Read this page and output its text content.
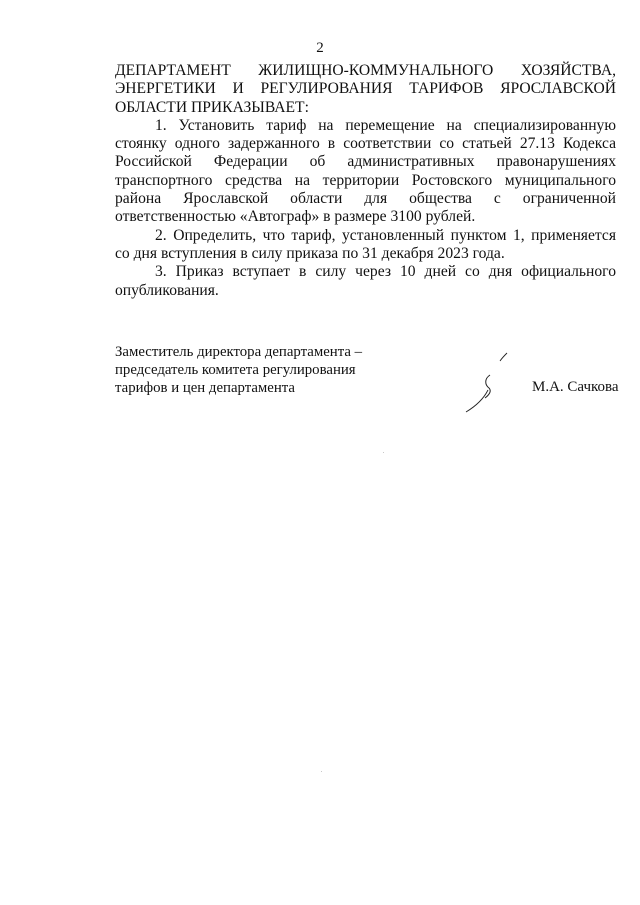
2

ДЕПАРТАМЕНТ ЖИЛИЩНО-КОММУНАЛЬНОГО ХОЗЯЙСТВА, ЭНЕРГЕТИКИ И РЕГУЛИРОВАНИЯ ТАРИФОВ ЯРОСЛАВСКОЙ ОБЛАСТИ ПРИКАЗЫВАЕТ:

1. Установить тариф на перемещение на специализированную стоянку одного задержанного в соответствии со статьей 27.13 Кодекса Российской Федерации об административных правонарушениях транспортного средства на территории Ростовского муниципального района Ярославской области для общества с ограниченной ответственностью «Автограф» в размере 3100 рублей.

2. Определить, что тариф, установленный пунктом 1, применяется со дня вступления в силу приказа по 31 декабря 2023 года.

3. Приказ вступает в силу через 10 дней со дня официального опубликования.

Заместитель директора департамента –
председатель комитета регулирования
тарифов и цен департамента	М.А. Сачкова
